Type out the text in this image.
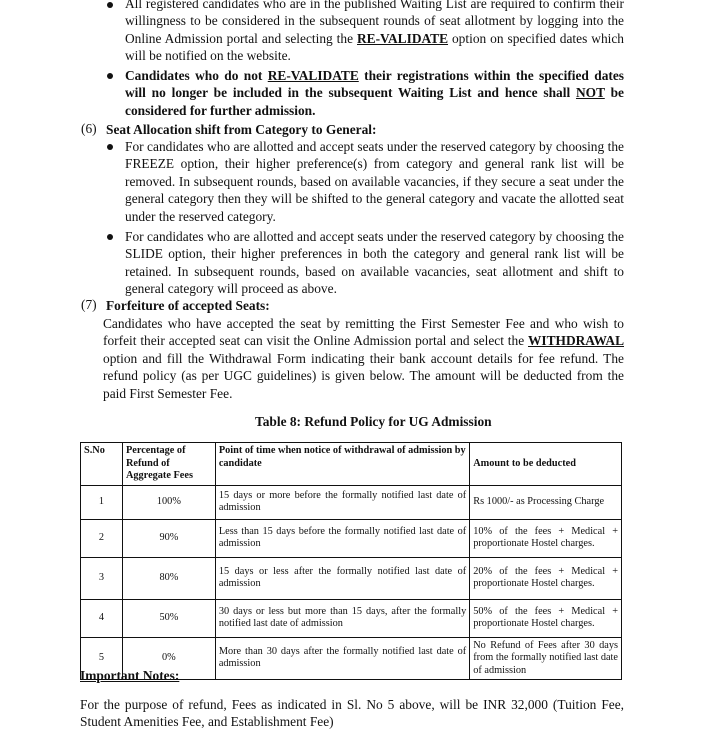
All registered candidates who are in the published Waiting List are required to confirm their willingness to be considered in the subsequent rounds of seat allotment by logging into the Online Admission portal and selecting the RE-VALIDATE option on specified dates which will be notified on the website.
Candidates who do not RE-VALIDATE their registrations within the specified dates will no longer be included in the subsequent Waiting List and hence shall NOT be considered for further admission.
(6) Seat Allocation shift from Category to General:
For candidates who are allotted and accept seats under the reserved category by choosing the FREEZE option, their higher preference(s) from category and general rank list will be removed. In subsequent rounds, based on available vacancies, if they secure a seat under the general category then they will be shifted to the general category and vacate the allotted seat under the reserved category.
For candidates who are allotted and accept seats under the reserved category by choosing the SLIDE option, their higher preferences in both the category and general rank list will be retained. In subsequent rounds, based on available vacancies, seat allotment and shift to general category will proceed as above.
(7) Forfeiture of accepted Seats:
Candidates who have accepted the seat by remitting the First Semester Fee and who wish to forfeit their accepted seat can visit the Online Admission portal and select the WITHDRAWAL option and fill the Withdrawal Form indicating their bank account details for fee refund. The refund policy (as per UGC guidelines) is given below. The amount will be deducted from the paid First Semester Fee.
Table 8: Refund Policy for UG Admission
S.No	Percentage of Refund of Aggregate Fees	Point of time when notice of withdrawal of admission by candidate	Amount to be deducted
1	100%	15 days or more before the formally notified last date of admission	Rs 1000/- as Processing Charge
2	90%	Less than 15 days before the formally notified last date of admission	10% of the fees + Medical + proportionate Hostel charges.
3	80%	15 days or less after the formally notified last date of admission	20% of the fees + Medical + proportionate Hostel charges.
4	50%	30 days or less but more than 15 days, after the formally notified last date of admission	50% of the fees + Medical + proportionate Hostel charges.
5	0%	More than 30 days after the formally notified last date of admission	No Refund of Fees after 30 days from the formally notified last date of admission
Important Notes:
For the purpose of refund, Fees as indicated in Sl. No 5 above, will be INR 32,000 (Tuition Fee, Student Amenities Fee, and Establishment Fee)
